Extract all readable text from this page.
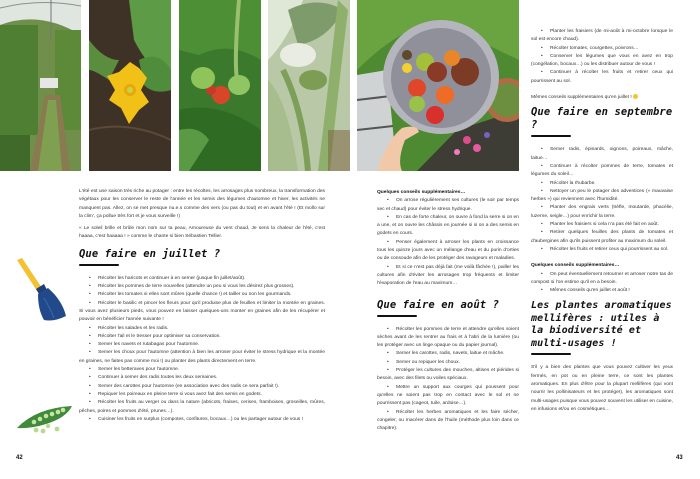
L'été est une saison très riche au potager : entre les récoltes, les arrosages plus nombreux, la transformation des végétaux pour les conserver le reste de l'année et les semis des légumes d'automne et hiver, les activités ne manquent pas. Allez, on se met presque nu.e.s comme des vers (ou pas du tout) et en avant l'été ! (Et mollo sur la clim', ça pollue très fort et je vous surveille !)

« Le soleil brille et brûle mon nom sur ta peau, Amoureuse du vent chaud, Je sens la chaleur de l'été, c'est haaaa, c'est haaaaa ! » comme le chante si bien Sébastien Tellier.

Que faire en juillet ?
• Récolter les haricots et continuer à en semer (jusque fin juillet/août).
• Récolter les pommes de terre nouvelles (attendre un peu si vous les désirez plus grosses).
• Récolter les tomates si elles sont mûres (quelle chance !) et tailler ou non les gourmands.
• Récolter le basilic et pincer les fleurs pour qu'il produise plus de feuilles et limiter la montée en graines. Si vous avez plusieurs pieds, vous pouvez en laisser quelques-uns monter en graines afin de les récupérer et pouvoir en bénéficier l'année suivante !
• Récolter les salades et les radis.
• Récolter l'ail et le tresser pour optimiser sa conservation.
• Semer les navets et rutabagas pour l'automne.
• Semer les choux pour l'automne (attention à bien les arroser pour éviter le stress hydrique et la montée en graines, ne faites pas comme moi !) ou planter des plants directement en terre.
• Semer les betteraves pour l'automne.
• Continuer à semer des radis toutes les deux semaines.
• Semer des carottes pour l'automne (en association avec des radis ce sera parfait !).
• Repiquer les poireaux en pleine terre si vous avez fait des semis en godets.
• Récolter les fruits au verger ou dans la nature (abricots, fraises, cerises, framboises, groseilles, mûres, pêches, poires et pommes d'été, prunes…).
• Cuisiner les fruits en surplus (compotes, confitures, bocaux…) ou les partager autour de vous !

Quelques conseils supplémentaires…

• On arrose régulièrement ses cultures (le soir par temps sec et chaud) pour éviter le stress hydrique.
• En cas de forte chaleur, on ouvre à fond la serre si on en a une, et on ouvre les châssis en journée si si on a des semis en godets en cours.
• Penser également à arroser les plants en croissance tous les quinze jours avec un mélange d'eau et du purin d'orties ou de consoude afin de les protéger des ravageurs et maladies.
• Et si ce n'est pas déjà fait (me voilà fâchée !), pailler les cultures afin d'éviter les arrosages trop fréquents et limiter l'évaporation de l'eau au maximum…
Que faire en août ?
• Récolter les pommes de terre et attendre qu'elles soient sèches avant de les rentrer au frais et à l'abri de la lumière (ou les protéger avec un linge opaque ou du papier journal).
• Semer les carottes, radis, navets, laitue et mâche.
• Semer ou repiquer les choux.
• Protéger les cultures des mouches, altises et piérides si besoin, avec des filets ou voiles spéciaux.
• Mettre un support aux courges qui poussent pour qu'elles ne soient pas trop en contact avec le sol et ne pourrissent pas (cageot, tuile, ardoise…).
• Récolter les herbes aromatiques et les faire sécher, congeler, ou macérer dans de l'huile (méthode plus loin dans ce chapitre).
• Planter les fraisiers (de mi-août à mi-octobre lorsque le sol est encore chaud).
• Récolter tomates, courgettes, poivrons…
• Conserver les légumes que vous en avez en trop (congélation, bocaux…) ou les distribuer autour de vous !
• Continuer à récolter les fruits et retirer ceux qui pourrissent au sol.

Mêmes conseils supplémentaires qu'en juillet !

Que faire en septembre ?
• Semer radis, épinards, oignons, poireaux, mâche, laitue…
• Continuer à récolter pommes de terre, tomates et légumes du soleil…
• Récolter la rhubarbe.
• Nettoyer un peu le potager des adventices (« mauvaise herbes ») qui reviennent avec l'humidité.
• Planter des engrais verts (trèfle, moutarde, phacélie, luzerne, seigle…) pour enrichir la terre.
• Planter les fraisiers si cela n'a pas été fait en août.
• Retirer quelques feuilles des plants de tomates et d'aubergines afin qu'ils puissent profiter au maximum du soleil.
• Récolter les fruits et retirer ceux qui pourrissent au sol.

Quelques conseils supplémentaires…

• On peut éventuellement retourner et arroser notre tas de compost si l'on estime qu'il en a besoin.
• Mêmes conseils qu'en juillet et août !
Les plantes aromatiques mellifères : utiles à la biodiversité et multi-usages !

S'il y a bien des plantes que vous pouvez cultiver les yeux fermés, en pot ou en pleine terre, ce sont les plantes aromatiques. En plus d'être pour la plupart mellifères (qui vont nourrir les pollinisateurs et les protéger), les aromatiques sont multi-usages puisque vous pouvez souvent les utiliser en cuisine, en infusions et/ou en cosmétiques…

42	43
